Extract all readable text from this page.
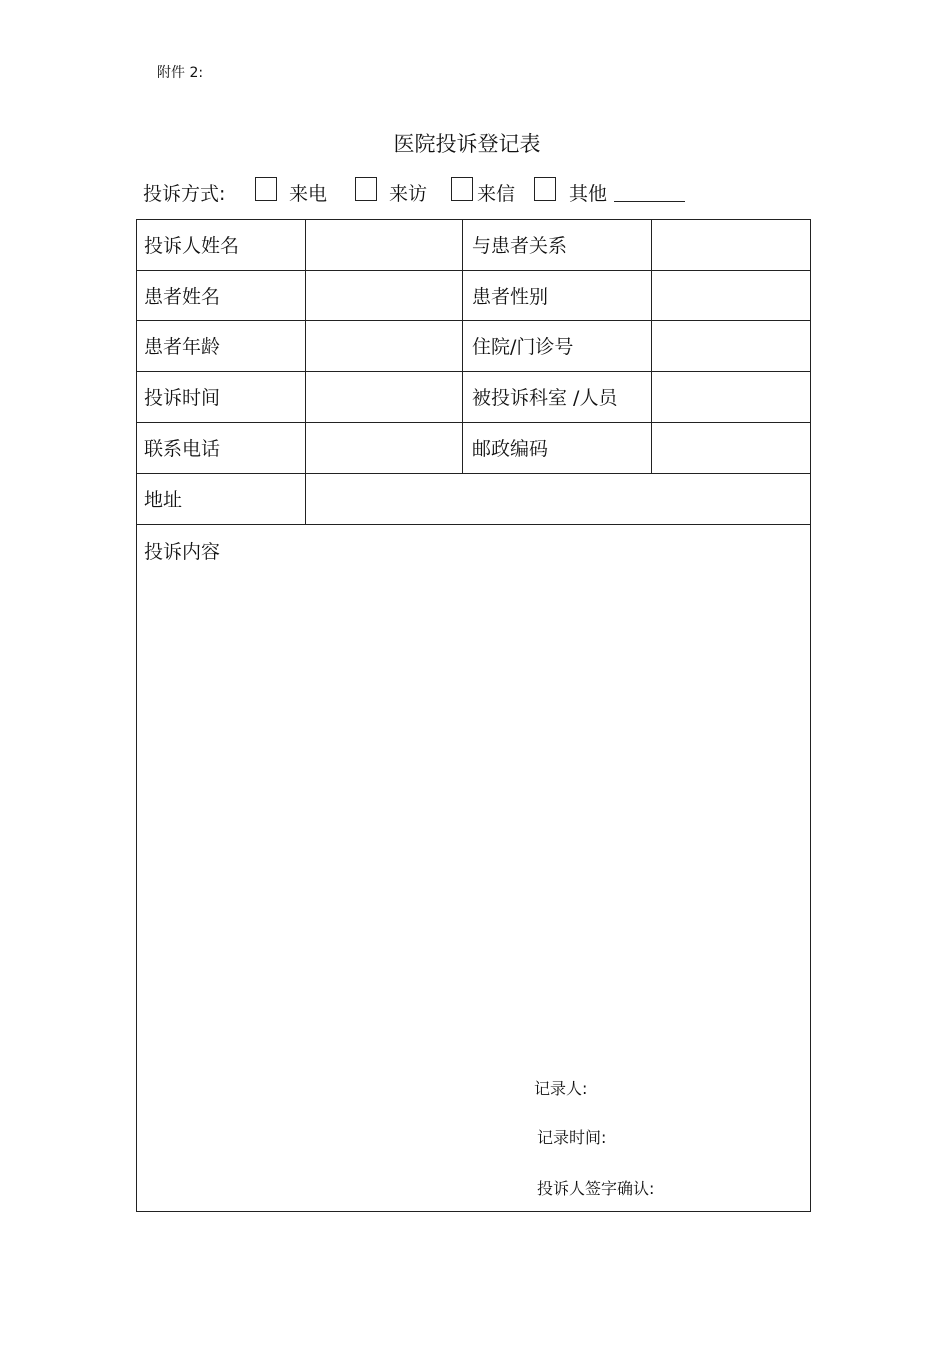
附件 2:
医院投诉登记表
投诉方式:	来电	来访	来信	其他
投诉人姓名	与患者关系
患者姓名	患者性别
患者年龄	住院/门诊号
投诉时间	被投诉科室 /人员
联系电话	邮政编码
地址
投诉内容
记录人:
记录时间:
投诉人签字确认:
